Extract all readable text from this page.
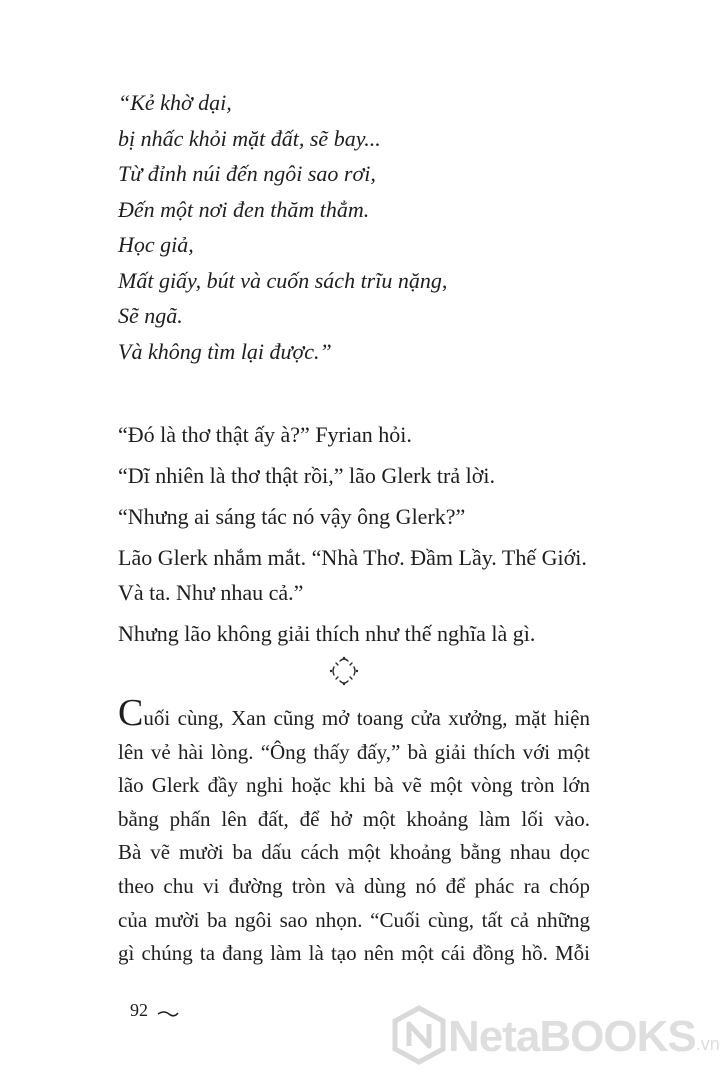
“Kẻ khờ dại,
bị nhấc khỏi mặt đất, sẽ bay...
Từ đỉnh núi đến ngôi sao rơi,
Đến một nơi đen thăm thẳm.
Học giả,
Mất giấy, bút và cuốn sách trĩu nặng,
Sẽ ngã.
Và không tìm lại được.”
“Đó là thơ thật ấy à?” Fyrian hỏi.
“Dĩ nhiên là thơ thật rồi,” lão Glerk trả lời.
“Nhưng ai sáng tác nó vậy ông Glerk?”
Lão Glerk nhắm mắt. “Nhà Thơ. Đầm Lầy. Thế Giới.
Và ta. Như nhau cả.”
Nhưng lão không giải thích như thế nghĩa là gì.
Cuối cùng, Xan cũng mở toang cửa xưởng, mặt hiện
lên vẻ hài lòng. “Ông thấy đấy,” bà giải thích với một
lão Glerk đầy nghi hoặc khi bà vẽ một vòng tròn lớn
bằng phấn lên đất, để hở một khoảng làm lối vào.
Bà vẽ mười ba dấu cách một khoảng bằng nhau dọc
theo chu vi đường tròn và dùng nó để phác ra chóp
của mười ba ngôi sao nhọn. “Cuối cùng, tất cả những
gì chúng ta đang làm là tạo nên một cái đồng hồ. Mỗi
92
NetaBOOKS .vn
